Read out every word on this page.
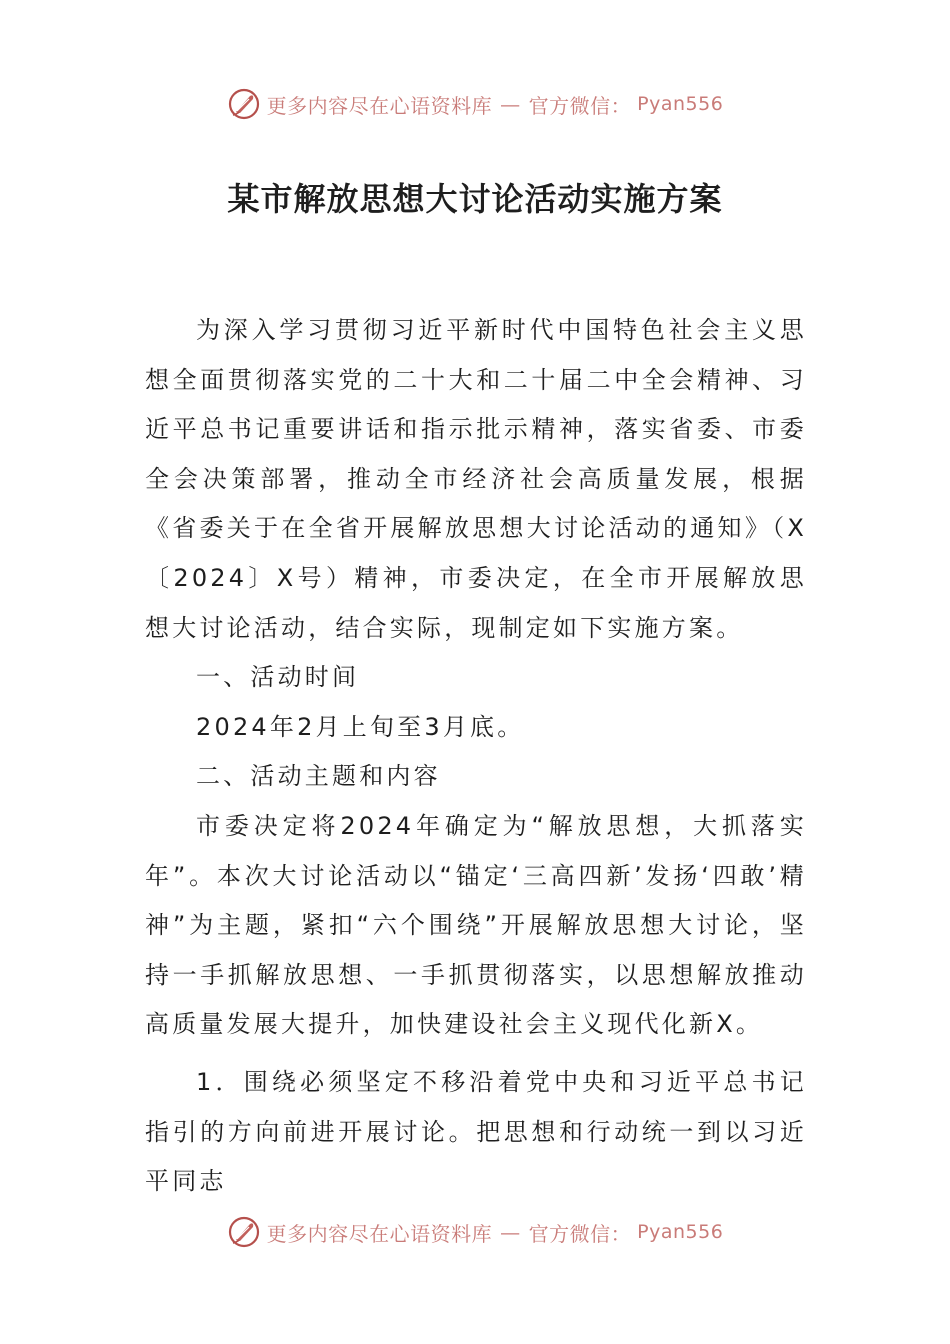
更多内容尽在心语资料库 — 官方微信： Pyan556
某市解放思想大讨论活动实施方案

为深入学习贯彻习近平新时代中国特色社会主义思想全面贯彻落实党的二十大和二十届二中全会精神、习近平总书记重要讲话和指示批示精神，落实省委、市委全会决策部署，推动全市经济社会高质量发展，根据《省委关于在全省开展解放思想大讨论活动的通知》（X〔2024〕X号）精神，市委决定，在全市开展解放思想大讨论活动，结合实际，现制定如下实施方案。

一、活动时间

2024年2月上旬至3月底。

二、活动主题和内容

市委决定将2024年确定为“解放思想，大抓落实年”。本次大讨论活动以“锚定‘三高四新’发扬‘四敢’精神”为主题，紧扣“六个围绕”开展解放思想大讨论，坚持一手抓解放思想、一手抓贯彻落实，以思想解放推动高质量发展大提升，加快建设社会主义现代化新X。

1．围绕必须坚定不移沿着党中央和习近平总书记指引的方向前进开展讨论。把思想和行动统一到以习近平同志

更多内容尽在心语资料库 — 官方微信： Pyan556
